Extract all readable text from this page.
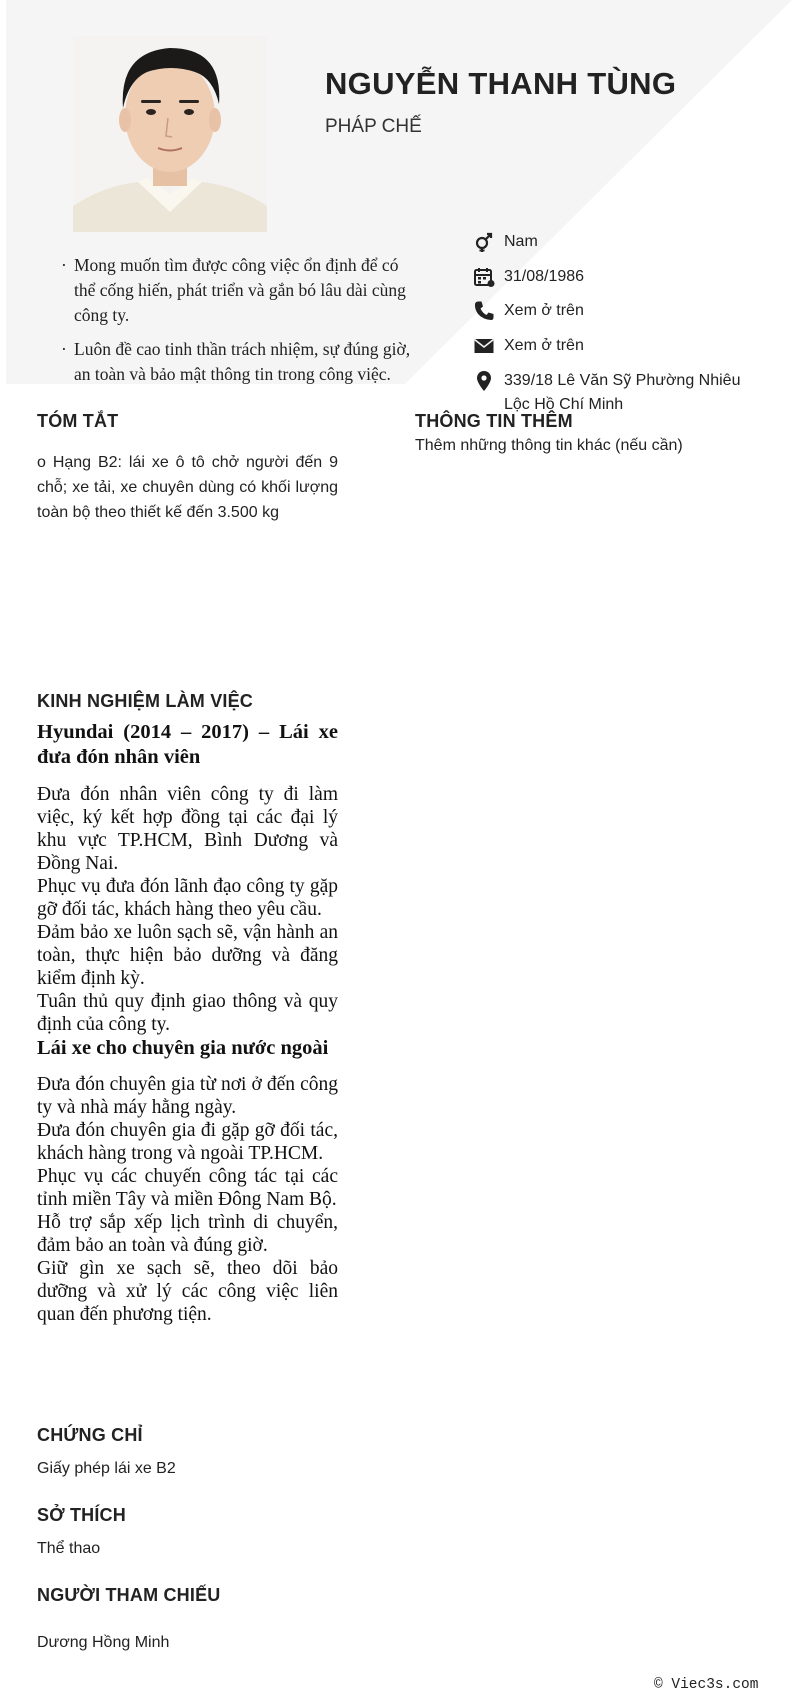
NGUYỄN THANH TÙNG
PHÁP CHẾ
· Mong muốn tìm được công việc ổn định để có thể cống hiến, phát triển và gắn bó lâu dài cùng công ty.
· Luôn đề cao tinh thần trách nhiệm, sự đúng giờ, an toàn và bảo mật thông tin trong công việc.
Nam
31/08/1986
Xem ở trên
Xem ở trên
339/18 Lê Văn Sỹ Phường Nhiêu Lộc Hồ Chí Minh
TÓM TẮT
o Hạng B2: lái xe ô tô chở người đến 9 chỗ; xe tải, xe chuyên dùng có khối lượng toàn bộ theo thiết kế đến 3.500 kg
THÔNG TIN THÊM
Thêm những thông tin khác (nếu cần)
KINH NGHIỆM LÀM VIỆC
Hyundai (2014 – 2017) – Lái xe đưa đón nhân viên

Đưa đón nhân viên công ty đi làm việc, ký kết hợp đồng tại các đại lý khu vực TP.HCM, Bình Dương và Đồng Nai.

Phục vụ đưa đón lãnh đạo công ty gặp gỡ đối tác, khách hàng theo yêu cầu.

Đảm bảo xe luôn sạch sẽ, vận hành an toàn, thực hiện bảo dưỡng và đăng kiểm định kỳ.

Tuân thủ quy định giao thông và quy định của công ty.

Lái xe cho chuyên gia nước ngoài

Đưa đón chuyên gia từ nơi ở đến công ty và nhà máy hằng ngày.

Đưa đón chuyên gia đi gặp gỡ đối tác, khách hàng trong và ngoài TP.HCM.

Phục vụ các chuyến công tác tại các tỉnh miền Tây và miền Đông Nam Bộ.

Hỗ trợ sắp xếp lịch trình di chuyển, đảm bảo an toàn và đúng giờ.

Giữ gìn xe sạch sẽ, theo dõi bảo dưỡng và xử lý các công việc liên quan đến phương tiện.

CHỨNG CHỈ
Giấy phép lái xe B2
SỞ THÍCH
Thể thao
NGƯỜI THAM CHIẾU
Dương Hồng Minh
© Viec3s.com
